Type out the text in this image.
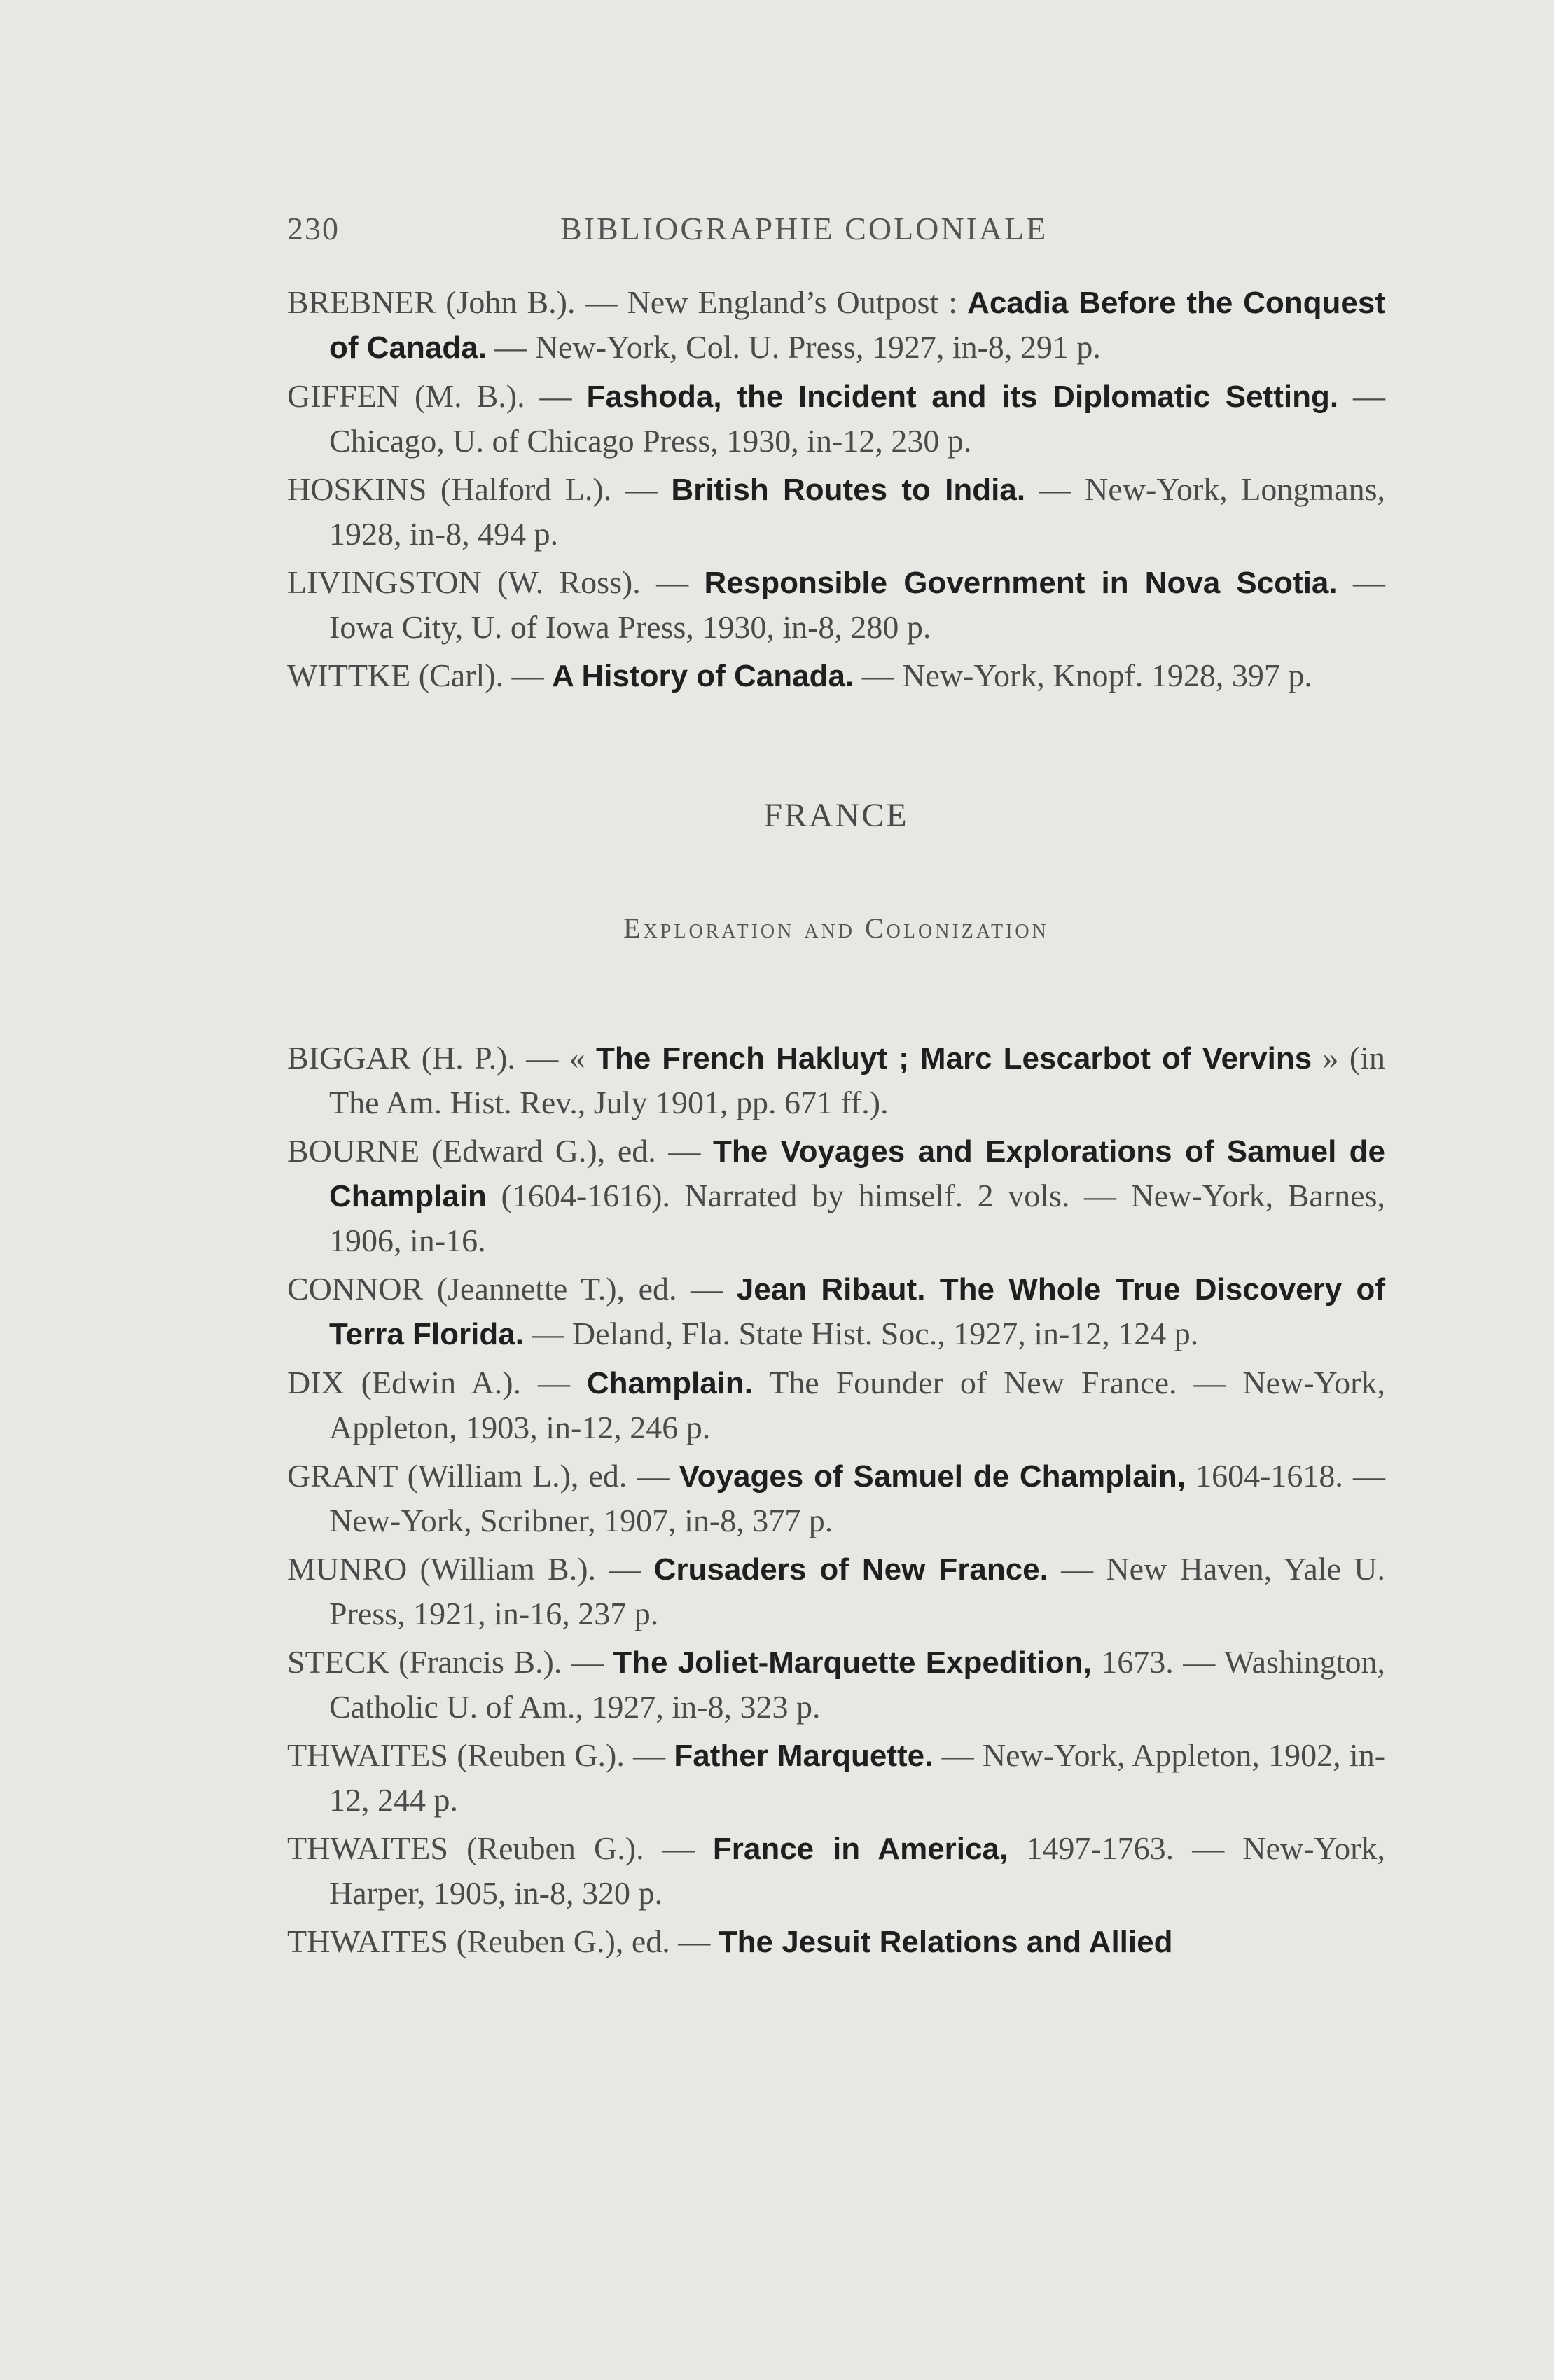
230	BIBLIOGRAPHIE COLONIALE
BREBNER (John B.). — New England’s Outpost : Acadia Before the Conquest of Canada. — New-York, Col. U. Press, 1927, in-8, 291 p.
GIFFEN (M. B.). — Fashoda, the Incident and its Diplomatic Setting. — Chicago, U. of Chicago Press, 1930, in-12, 230 p.
HOSKINS (Halford L.). — British Routes to India. — New-York, Longmans, 1928, in-8, 494 p.
LIVINGSTON (W. Ross). — Responsible Government in Nova Scotia. — Iowa City, U. of Iowa Press, 1930, in-8, 280 p.
WITTKE (Carl). — A History of Canada. — New-York, Knopf. 1928, 397 p.
FRANCE
Exploration and Colonization
BIGGAR (H. P.). — « The French Hakluyt ; Marc Lescarbot of Vervins » (in The Am. Hist. Rev., July 1901, pp. 671 ff.).
BOURNE (Edward G.), ed. — The Voyages and Explorations of Samuel de Champlain (1604-1616). Narrated by himself. 2 vols. — New-York, Barnes, 1906, in-16.
CONNOR (Jeannette T.), ed. — Jean Ribaut. The Whole True Discovery of Terra Florida. — Deland, Fla. State Hist. Soc., 1927, in-12, 124 p.
DIX (Edwin A.). — Champlain. The Founder of New France. — New-York, Appleton, 1903, in-12, 246 p.
GRANT (William L.), ed. — Voyages of Samuel de Champlain, 1604-1618. — New-York, Scribner, 1907, in-8, 377 p.
MUNRO (William B.). — Crusaders of New France. — New Haven, Yale U. Press, 1921, in-16, 237 p.
STECK (Francis B.). — The Joliet-Marquette Expedition, 1673. — Washington, Catholic U. of Am., 1927, in-8, 323 p.
THWAITES (Reuben G.). — Father Marquette. — New-York, Appleton, 1902, in-12, 244 p.
THWAITES (Reuben G.). — France in America, 1497-1763. — New-York, Harper, 1905, in-8, 320 p.
THWAITES (Reuben G.), ed. — The Jesuit Relations and Allied
